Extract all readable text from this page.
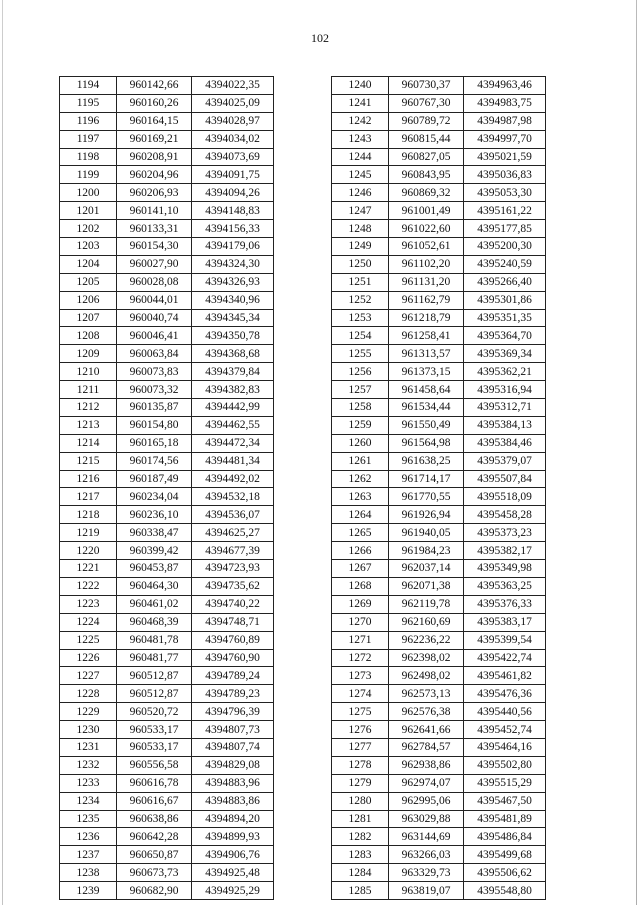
102
1194	960142,66	4394022,35
1195	960160,26	4394025,09
1196	960164,15	4394028,97
1197	960169,21	4394034,02
1198	960208,91	4394073,69
1199	960204,96	4394091,75
1200	960206,93	4394094,26
1201	960141,10	4394148,83
1202	960133,31	4394156,33
1203	960154,30	4394179,06
1204	960027,90	4394324,30
1205	960028,08	4394326,93
1206	960044,01	4394340,96
1207	960040,74	4394345,34
1208	960046,41	4394350,78
1209	960063,84	4394368,68
1210	960073,83	4394379,84
1211	960073,32	4394382,83
1212	960135,87	4394442,99
1213	960154,80	4394462,55
1214	960165,18	4394472,34
1215	960174,56	4394481,34
1216	960187,49	4394492,02
1217	960234,04	4394532,18
1218	960236,10	4394536,07
1219	960338,47	4394625,27
1220	960399,42	4394677,39
1221	960453,87	4394723,93
1222	960464,30	4394735,62
1223	960461,02	4394740,22
1224	960468,39	4394748,71
1225	960481,78	4394760,89
1226	960481,77	4394760,90
1227	960512,87	4394789,24
1228	960512,87	4394789,23
1229	960520,72	4394796,39
1230	960533,17	4394807,73
1231	960533,17	4394807,74
1232	960556,58	4394829,08
1233	960616,78	4394883,96
1234	960616,67	4394883,86
1235	960638,86	4394894,20
1236	960642,28	4394899,93
1237	960650,87	4394906,76
1238	960673,73	4394925,48
1239	960682,90	4394925,29
1240	960730,37	4394963,46
1241	960767,30	4394983,75
1242	960789,72	4394987,98
1243	960815,44	4394997,70
1244	960827,05	4395021,59
1245	960843,95	4395036,83
1246	960869,32	4395053,30
1247	961001,49	4395161,22
1248	961022,60	4395177,85
1249	961052,61	4395200,30
1250	961102,20	4395240,59
1251	961131,20	4395266,40
1252	961162,79	4395301,86
1253	961218,79	4395351,35
1254	961258,41	4395364,70
1255	961313,57	4395369,34
1256	961373,15	4395362,21
1257	961458,64	4395316,94
1258	961534,44	4395312,71
1259	961550,49	4395384,13
1260	961564,98	4395384,46
1261	961638,25	4395379,07
1262	961714,17	4395507,84
1263	961770,55	4395518,09
1264	961926,94	4395458,28
1265	961940,05	4395373,23
1266	961984,23	4395382,17
1267	962037,14	4395349,98
1268	962071,38	4395363,25
1269	962119,78	4395376,33
1270	962160,69	4395383,17
1271	962236,22	4395399,54
1272	962398,02	4395422,74
1273	962498,02	4395461,82
1274	962573,13	4395476,36
1275	962576,38	4395440,56
1276	962641,66	4395452,74
1277	962784,57	4395464,16
1278	962938,86	4395502,80
1279	962974,07	4395515,29
1280	962995,06	4395467,50
1281	963029,88	4395481,89
1282	963144,69	4395486,84
1283	963266,03	4395499,68
1284	963329,73	4395506,62
1285	963819,07	4395548,80
